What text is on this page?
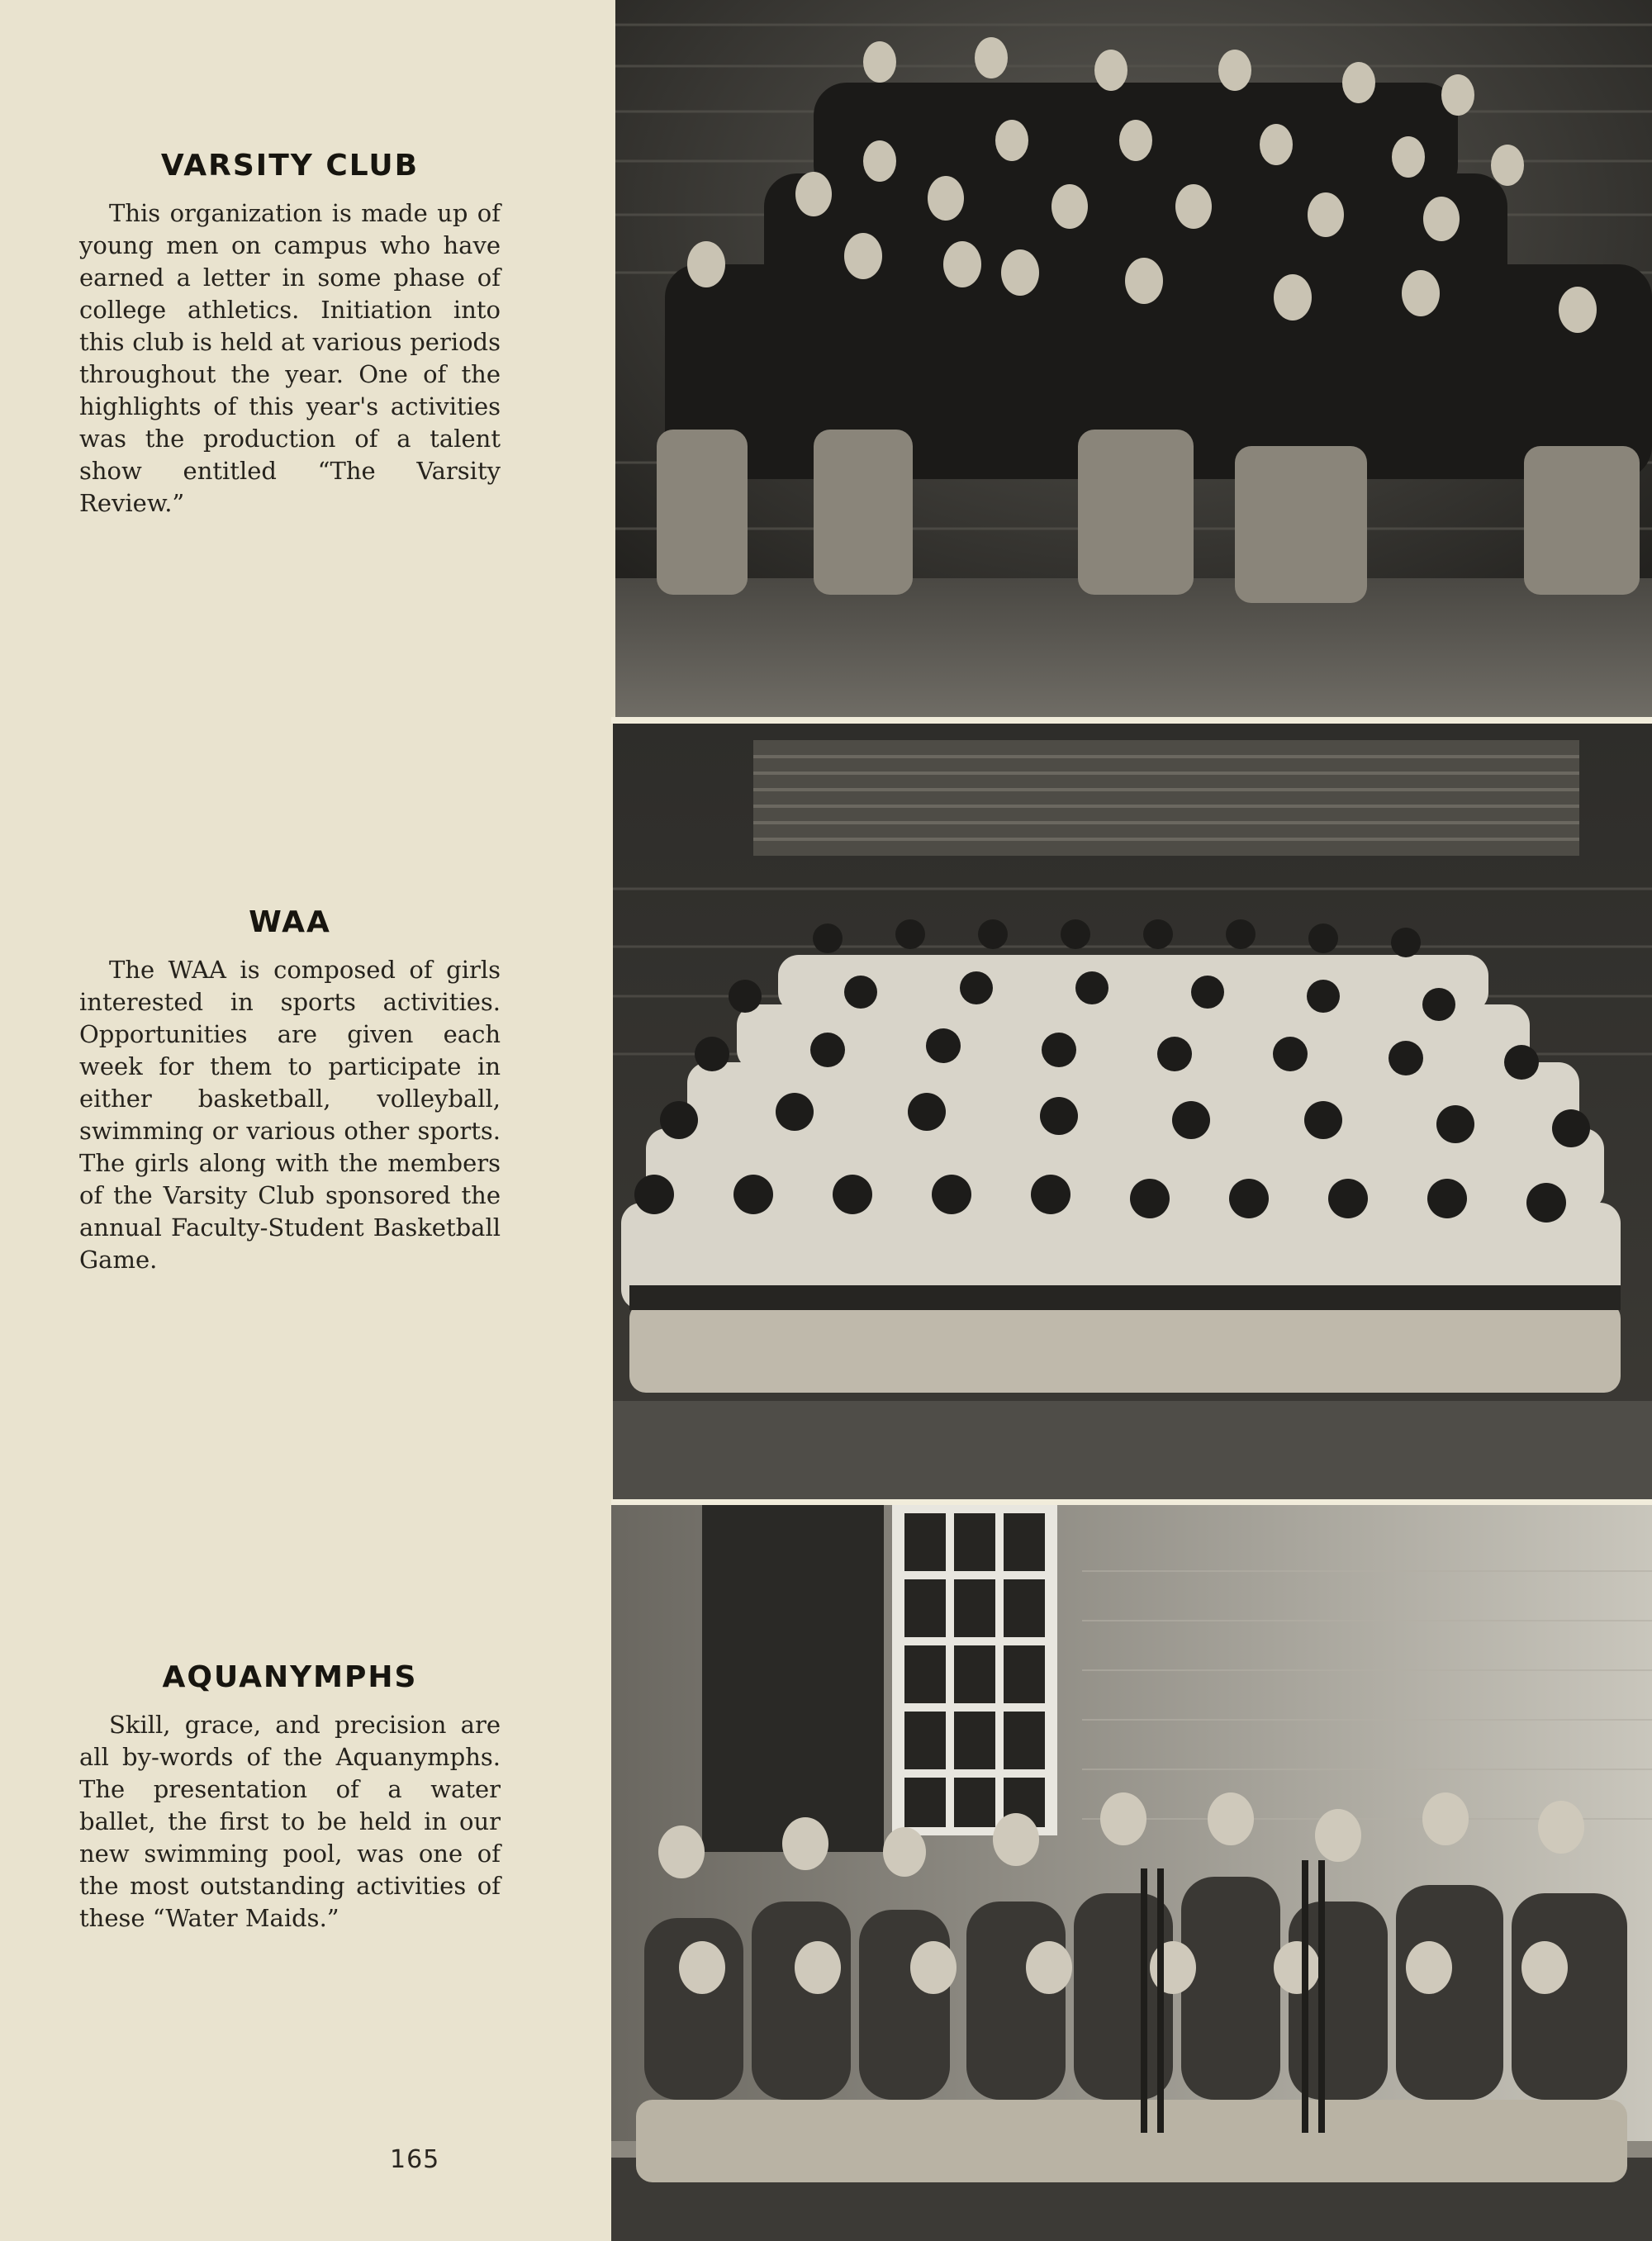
VARSITY CLUB

This organization is made up of young men on campus who have earned a letter in some phase of college athletics. Initiation into this club is held at various periods throughout the year. One of the highlights of this year's activities was the production of a talent show entitled “The Varsity Review.”

WAA

The WAA is composed of girls interested in sports activities. Opportunities are given each week for them to participate in either basketball, volleyball, swimming or various other sports. The girls along with the members of the Varsity Club sponsored the annual Faculty-Student Basketball Game.

AQUANYMPHS

Skill, grace, and precision are all by-words of the Aquanymphs. The presentation of a water ballet, the first to be held in our new swimming pool, was one of the most outstanding activities of these “Water Maids.”

165
